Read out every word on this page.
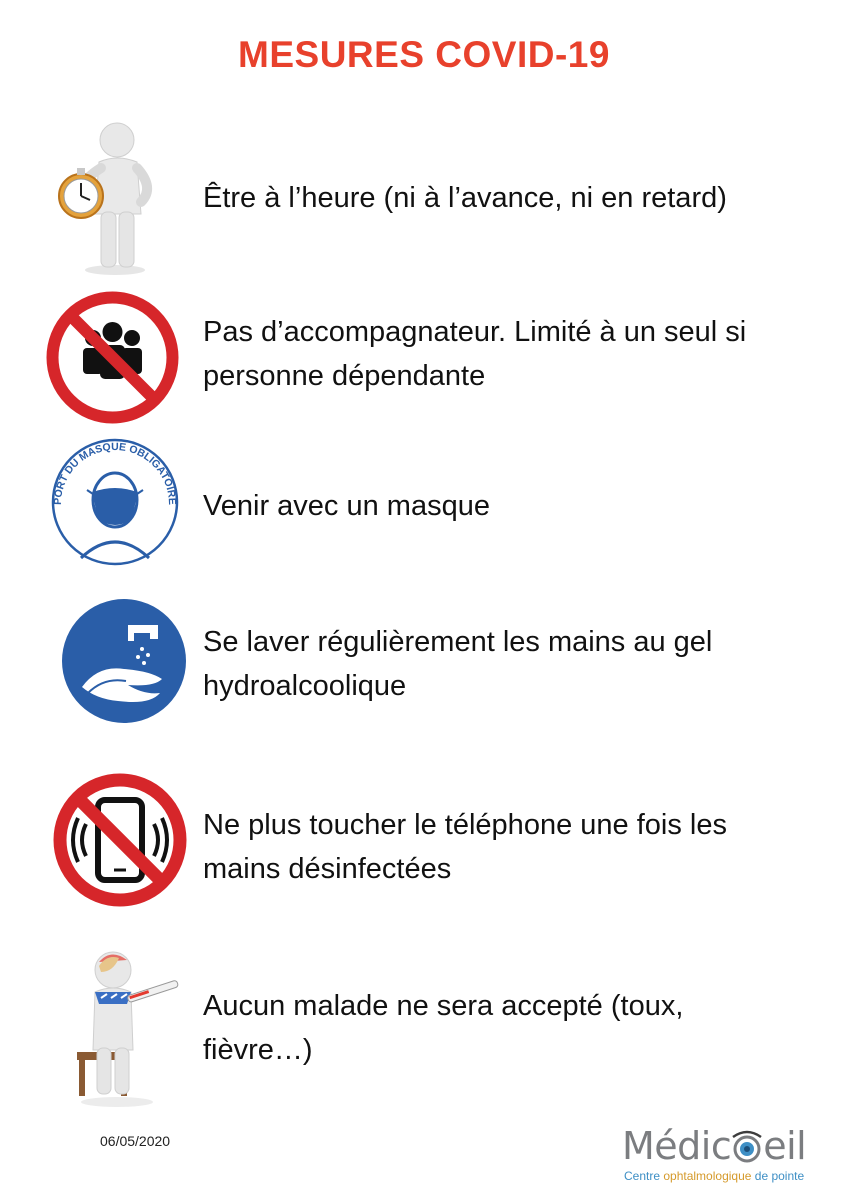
MESURES COVID-19
Être à l’heure (ni à l’avance, ni en retard)
Pas d’accompagnateur. Limité à un seul si personne dépendante
PORT DU MASQUE OBLIGATOIRE Venir avec un masque
Se laver régulièrement les mains au gel hydroalcoolique
Ne plus toucher le téléphone une fois les mains désinfectées
Aucun malade ne sera accepté (toux, fièvre…)
06/05/2020	Médic eil
Centre ophtalmologique de pointe
